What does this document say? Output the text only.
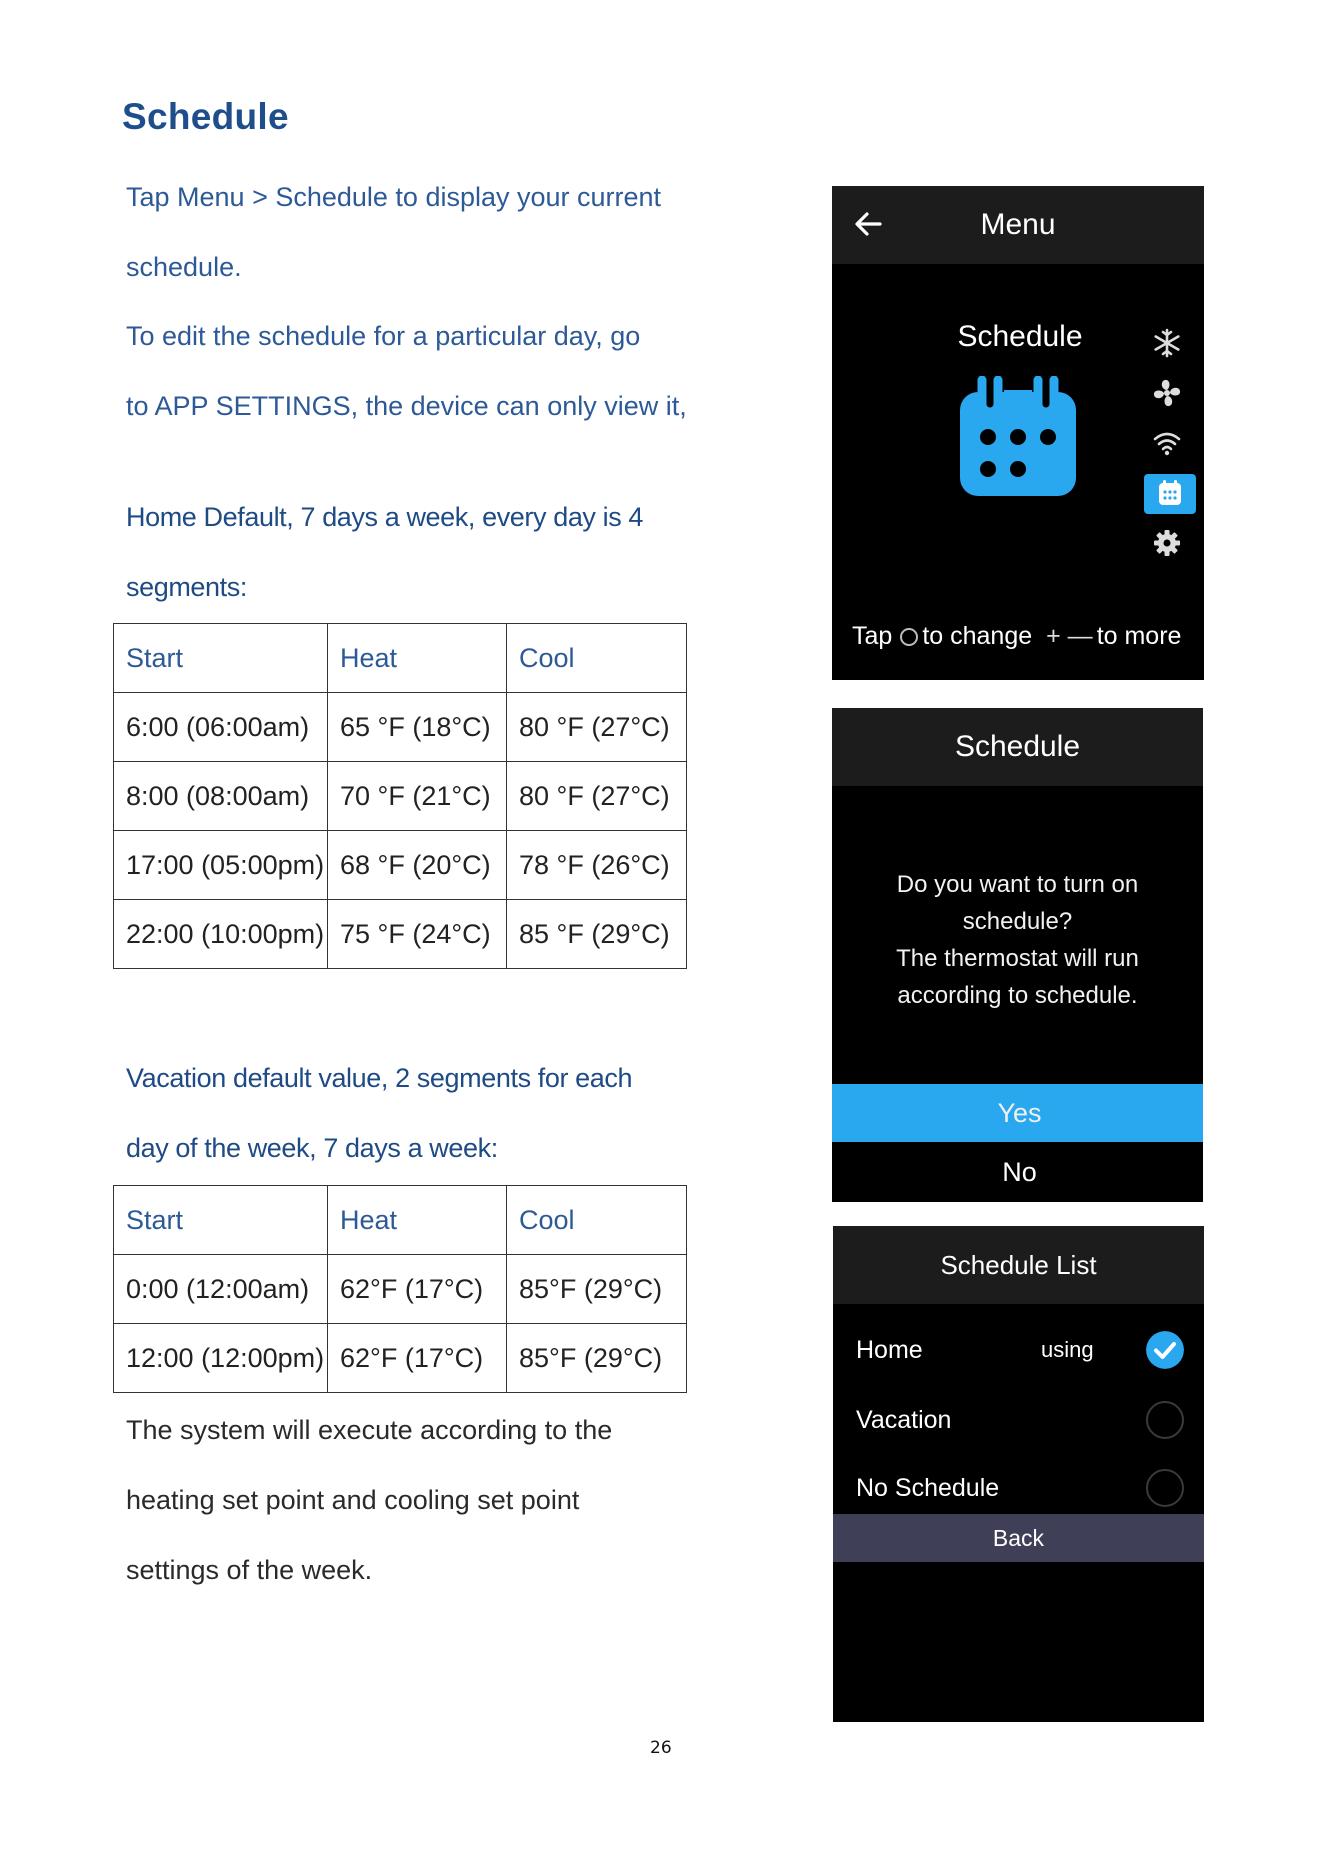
Schedule

Tap Menu > Schedule to display your current

schedule.

To edit the schedule for a particular day, go

to APP SETTINGS, the device can only view it,

Home Default, 7 days a week, every day is 4

segments:

Start	Heat	Cool
6:00 (06:00am)	65 °F (18°C)	80 °F (27°C)
8:00 (08:00am)	70 °F (21°C)	80 °F (27°C)
17:00 (05:00pm)	68 °F (20°C)	78 °F (26°C)
22:00 (10:00pm)	75 °F (24°C)	85 °F (29°C)

Vacation default value, 2 segments for each

day of the week, 7 days a week:

Start	Heat	Cool
0:00 (12:00am)	62°F (17°C)	85°F (29°C)
12:00 (12:00pm)	62°F (17°C)	85°F (29°C)

The system will execute according to the

heating set point and cooling set point

settings of the week.

26
Menu
Schedule
Tap to change + — to more
Schedule
Do you want to turn on
schedule?
The thermostat will run
according to schedule.
Yes
No
Schedule List
Home	using
Vacation
No Schedule
Back
